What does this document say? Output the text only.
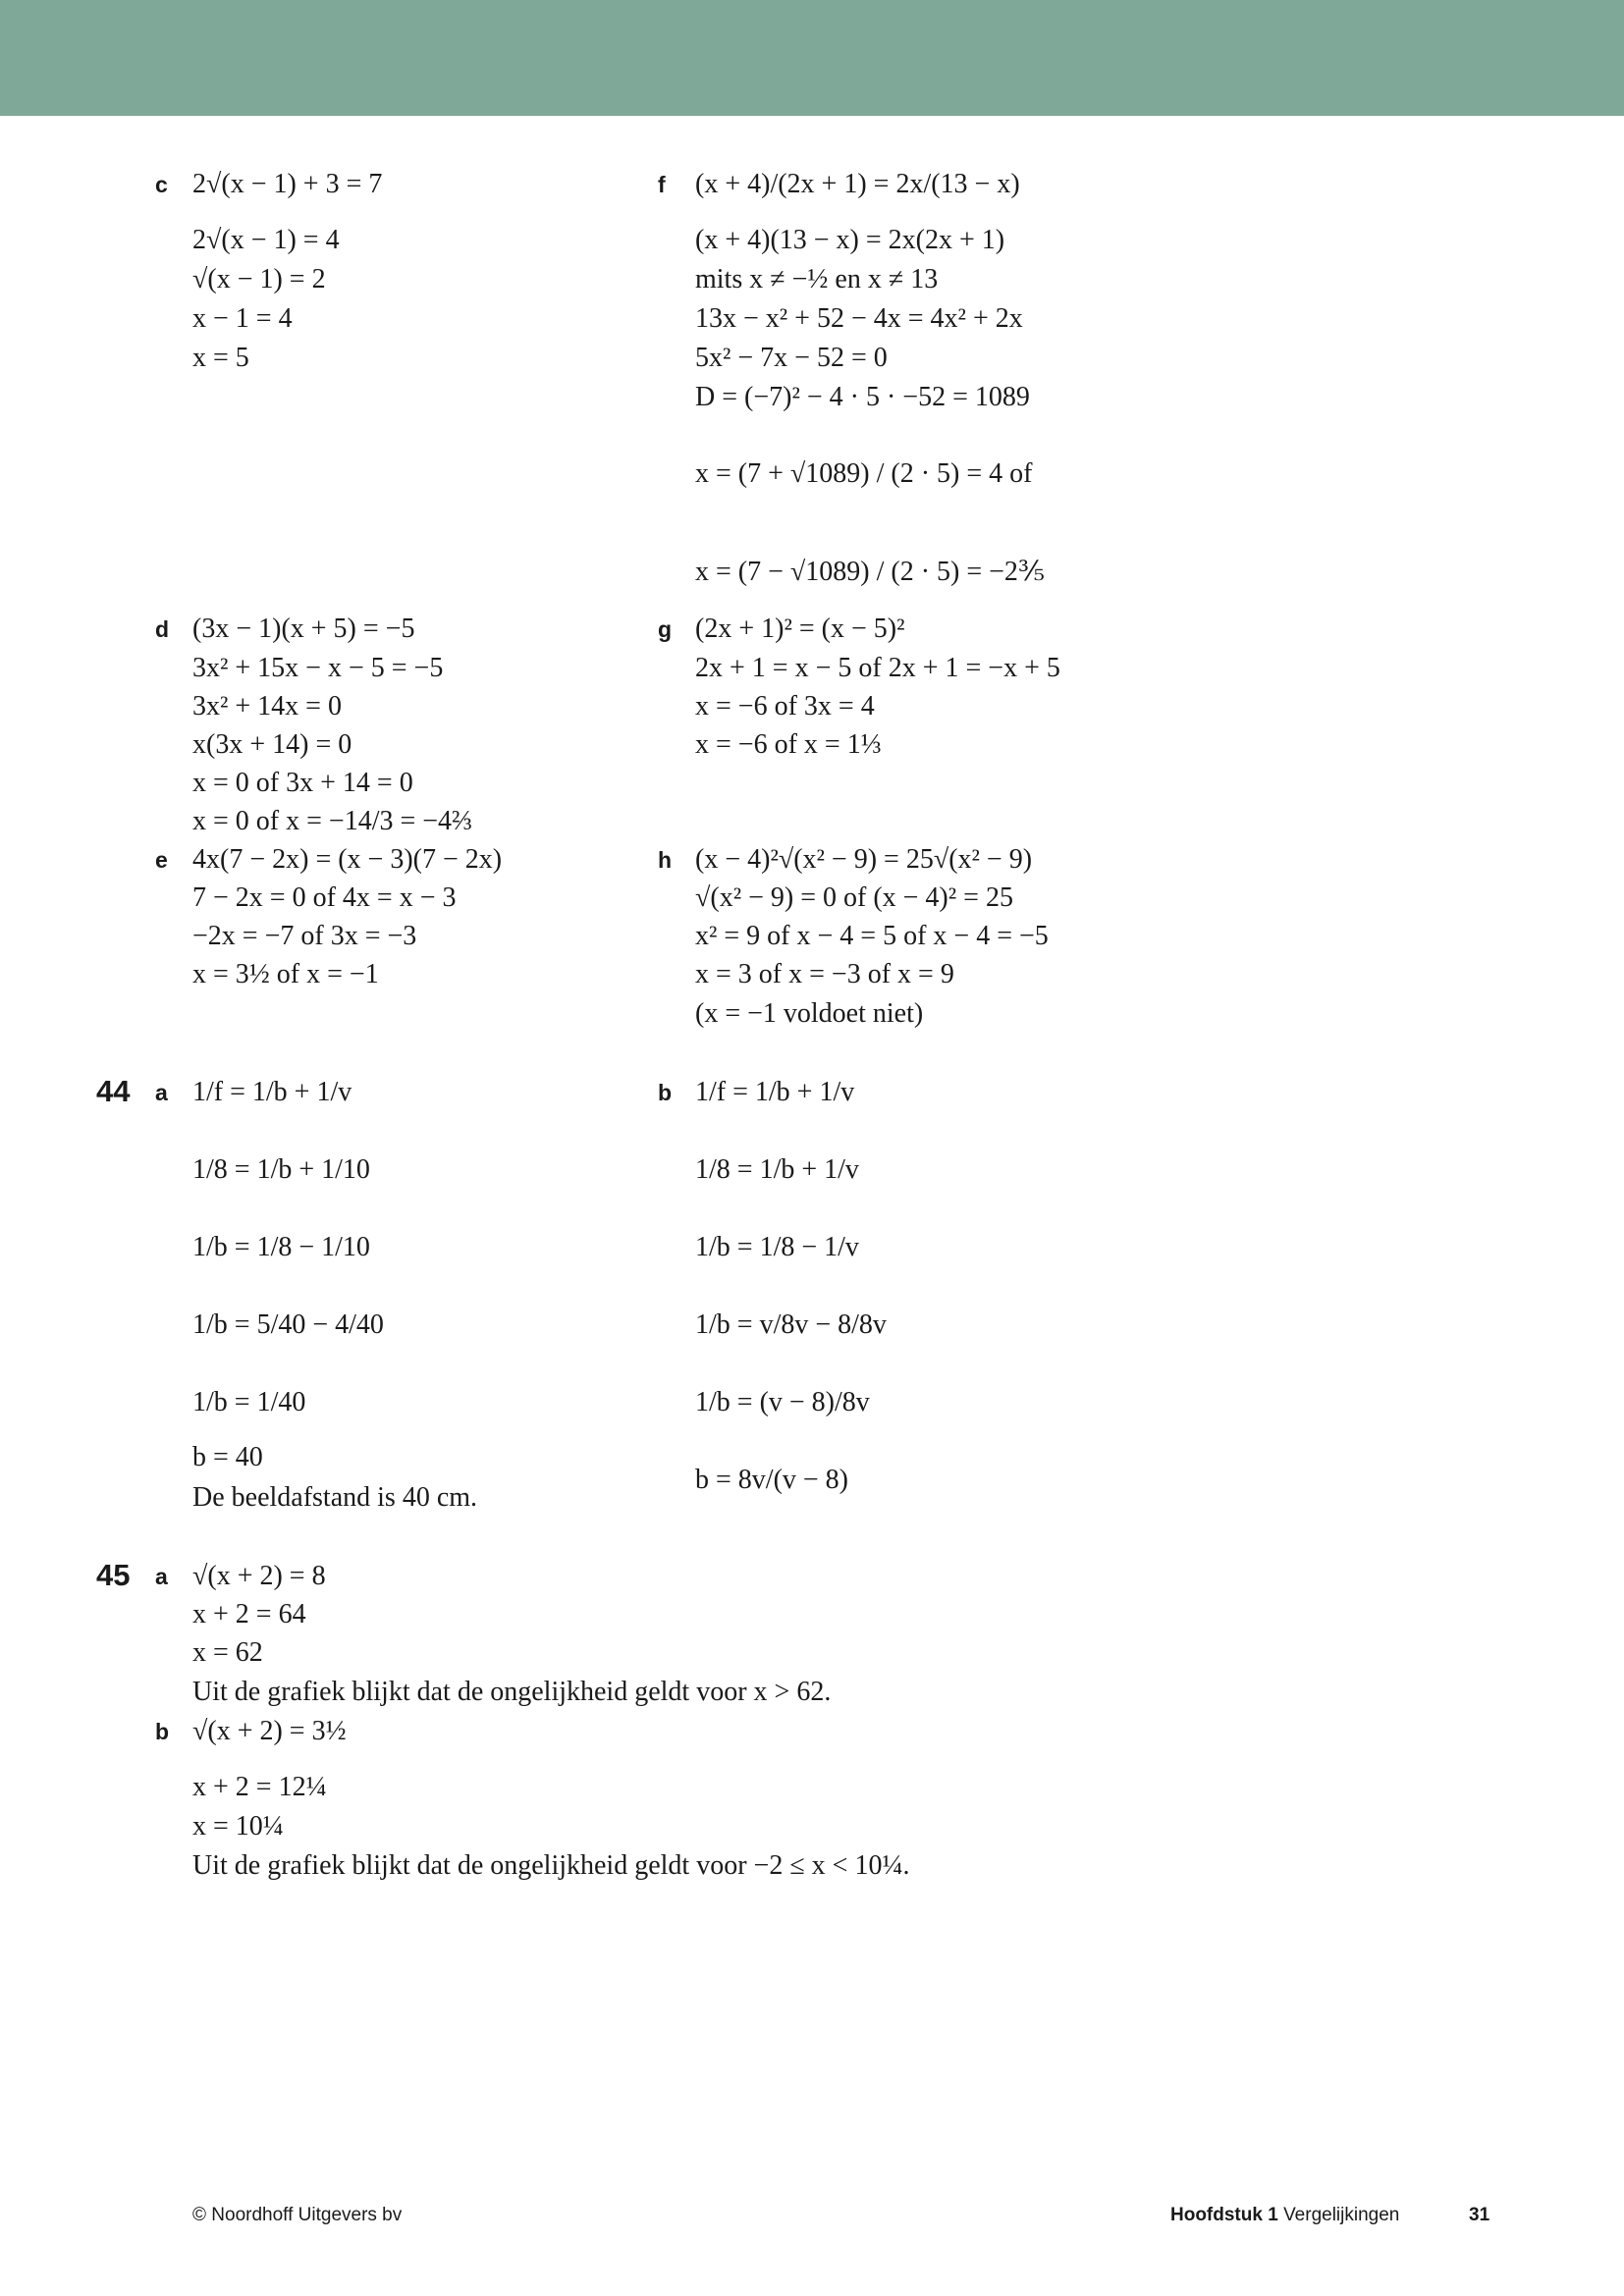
c 2√(x − 1) + 3 = 7
2√(x − 1) = 4
√(x − 1) = 2
x − 1 = 4
x = 5
f (x + 4)/(2x + 1) = 2x/(13 − x)
(x + 4)(13 − x) = 2x(2x + 1)
mits x ≠ −½ en x ≠ 13
13x − x² + 52 − 4x = 4x² + 2x
5x² − 7x − 52 = 0
D = (−7)² − 4 · 5 · −52 = 1089
x = (7 + √1089) / (2 · 5) = 4 of
x = (7 − √1089) / (2 · 5) = −2⅗
d (3x − 1)(x + 5) = −5
3x² + 15x − x − 5 = −5
3x² + 14x = 0
x(3x + 14) = 0
x = 0 of 3x + 14 = 0
x = 0 of x = −14/3 = −4⅔
g (2x + 1)² = (x − 5)²
2x + 1 = x − 5 of 2x + 1 = −x + 5
x = −6 of 3x = 4
x = −6 of x = 1⅓
e 4x(7 − 2x) = (x − 3)(7 − 2x)
7 − 2x = 0 of 4x = x − 3
−2x = −7 of 3x = −3
x = 3½ of x = −1
h (x − 4)²√(x² − 9) = 25√(x² − 9)
√(x² − 9) = 0 of (x − 4)² = 25
x² = 9 of x − 4 = 5 of x − 4 = −5
x = 3 of x = −3 of x = 9
(x = −1 voldoet niet)
44 a 1/f = 1/b + 1/v
1/8 = 1/b + 1/10
1/b = 1/8 − 1/10
1/b = 5/40 − 4/40
1/b = 1/40
b = 40
De beeldafstand is 40 cm.
b 1/f = 1/b + 1/v
1/8 = 1/b + 1/v
1/b = 1/8 − 1/v
1/b = v/8v − 8/8v
1/b = (v − 8)/8v
b = 8v/(v − 8)
45 a √(x + 2) = 8
x + 2 = 64
x = 62
Uit de grafiek blijkt dat de ongelijkheid geldt voor x > 62.
b √(x + 2) = 3½
x + 2 = 12¼
x = 10¼
Uit de grafiek blijkt dat de ongelijkheid geldt voor −2 ≤ x < 10¼.
© Noordhoff Uitgevers bv	Hoofdstuk 1 Vergelijkingen	31
